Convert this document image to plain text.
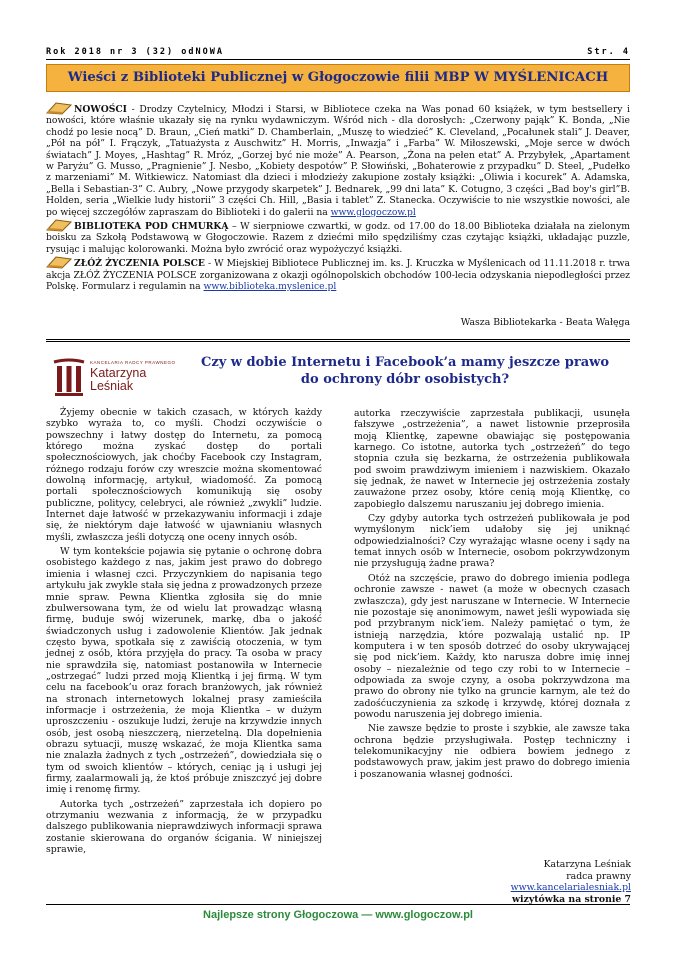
Rok 2018 nr 3 (32) odNOWA	Str. 4
Wieści z Biblioteki Publicznej w Głogoczowie filii MBP W MYŚLENICACH

NOWOŚCI - Drodzy Czytelnicy, Młodzi i Starsi, w Bibliotece czeka na Was ponad 60 książek, w tym bestsellery i nowości, które właśnie ukazały się na rynku wydawniczym. Wśród nich - dla dorosłych: „Czerwony pająk” K. Bonda, „Nie chodź po lesie nocą” D. Braun, „Cień matki” D. Chamberlain, „Muszę to wiedzieć” K. Cleveland, „Pocałunek stali” J. Deaver, „Pół na pół” I. Frączyk, „Tatuażysta z Auschwitz” H. Morris, „Inwazja” i „Farba” W. Miłoszewski, „Moje serce w dwóch światach” J. Moyes, „Hashtag” R. Mróz, „Gorzej być nie może” A. Pearson, „Żona na pełen etat” A. Przybyłek, „Apartament w Paryżu” G. Musso, „Pragnienie” J. Nesbo, „Kobiety despotów” P. Słowiński, „Bohaterowie z przypadku” D. Steel, „Pudełko z marzeniami” M. Witkiewicz. Natomiast dla dzieci i młodzieży zakupione zostały książki: „Oliwia i kocurek” A. Adamska, „Bella i Sebastian-3” C. Aubry, „Nowe przygody skarpetek” J. Bednarek, „99 dni lata” K. Cotugno, 3 części „Bad boy's girl”B. Holden, seria „Wielkie ludy historii” 3 części Ch. Hill, „Basia i tablet” Z. Stanecka. Oczywiście to nie wszystkie nowości, ale po więcej szczegółów zapraszam do Biblioteki i do galerii na www.glogoczow.pl

BIBLIOTEKA POD CHMURKĄ – W sierpniowe czwartki, w godz. od 17.00 do 18.00 Biblioteka działała na zielonym boisku za Szkołą Podstawową w Głogoczowie. Razem z dziećmi miło spędziliśmy czas czytając książki, układając puzzle, rysując i malując kolorowanki. Można było zwrócić oraz wypożyczyć książki.

ZŁÓŻ ŻYCZENIA POLSCE - W Miejskiej Bibliotece Publicznej im. ks. J. Kruczka w Myślenicach od 11.11.2018 r. trwa akcja ZŁÓŻ ŻYCZENIA POLSCE zorganizowana z okazji ogólnopolskich obchodów 100-lecia odzyskania niepodległości przez Polskę. Formularz i regulamin na www.biblioteka.myslenice.pl

Wasza Bibliotekarka - Beata Wałęga
KANCELARIA RADCY PRAWNEGO
Katarzyna
Leśniak
Czy w dobie Internetu i Facebook’a mamy jeszcze prawo
do ochrony dóbr osobistych?

Żyjemy obecnie w takich czasach, w których każdy szybko wyraża to, co myśli. Chodzi oczywiście o powszechny i łatwy dostęp do Internetu, za pomocą którego można zyskać dostęp do portali społecznościowych, jak choćby Facebook czy Instagram, różnego rodzaju forów czy wreszcie można skomentować dowolną informację, artykuł, wiadomość. Za pomocą portali społecznościowych komunikują się osoby publiczne, politycy, celebryci, ale również „zwykli” ludzie. Internet daje łatwość w przekazywaniu informacji i zdaje się, że niektórym daje łatwość w ujawnianiu własnych myśli, zwłaszcza jeśli dotyczą one oceny innych osób.

W tym kontekście pojawia się pytanie o ochronę dobra osobistego każdego z nas, jakim jest prawo do dobrego imienia i własnej czci. Przyczynkiem do napisania tego artykułu jak zwykle stała się jedna z prowadzonych przeze mnie spraw. Pewna Klientka zgłosiła się do mnie zbulwersowana tym, że od wielu lat prowadząc własną firmę, buduje swój wizerunek, markę, dba o jakość świadczonych usług i zadowolenie Klientów. Jak jednak często bywa, spotkała się z zawiścią otoczenia, w tym jednej z osób, która przyjęła do pracy. Ta osoba w pracy nie sprawdziła się, natomiast postanowiła w Internecie „ostrzegać” ludzi przed moją Klientką i jej firmą. W tym celu na facebook’u oraz forach branżowych, jak również na stronach internetowych lokalnej prasy zamieściła informacje i ostrzeżenia, że moja Klientka – w dużym uproszczeniu - oszukuje ludzi, żeruje na krzywdzie innych osób, jest osobą nieszczerą, nierzetelną. Dla dopełnienia obrazu sytuacji, muszę wskazać, że moja Klientka sama nie znalazła żadnych z tych „ostrzeżeń”, dowiedziała się o tym od swoich klientów – których, ceniąc ją i usługi jej firmy, zaalarmowali ją, że ktoś próbuje zniszczyć jej dobre imię i renomę firmy.

Autorka tych „ostrzeżeń” zaprzestała ich dopiero po otrzymaniu wezwania z informacją, że w przypadku dalszego publikowania nieprawdziwych informacji sprawa zostanie skierowana do organów ścigania. W niniejszej sprawie,

autorka rzeczywiście zaprzestała publikacji, usunęła fałszywe „ostrzeżenia”, a nawet listownie przeprosiła moją Klientkę, zapewne obawiając się postępowania karnego. Co istotne, autorka tych „ostrzeżeń” do tego stopnia czuła się bezkarna, że ostrzeżenia publikowała pod swoim prawdziwym imieniem i nazwiskiem. Okazało się jednak, że nawet w Internecie jej ostrzeżenia zostały zauważone przez osoby, które cenią moją Klientkę, co zapobiegło dalszemu naruszaniu jej dobrego imienia.

Czy gdyby autorka tych ostrzeżeń publikowała je pod wymyślonym nick’iem udałoby się jej uniknąć odpowiedzialności? Czy wyrażając własne oceny i sądy na temat innych osób w Internecie, osobom pokrzywdzonym nie przysługują żadne prawa?

Otóż na szczęście, prawo do dobrego imienia podlega ochronie zawsze - nawet (a może w obecnych czasach zwłaszcza), gdy jest naruszane w Internecie. W Internecie nie pozostaje się anonimowym, nawet jeśli wypowiada się pod przybranym nick’iem. Należy pamiętać o tym, że istnieją narzędzia, które pozwalają ustalić np. IP komputera i w ten sposób dotrzeć do osoby ukrywającej się pod nick’iem. Każdy, kto narusza dobre imię innej osoby – niezależnie od tego czy robi to w Internecie – odpowiada za swoje czyny, a osoba pokrzywdzona ma prawo do obrony nie tylko na gruncie karnym, ale też do zadośćuczynienia za szkodę i krzywdę, której doznała z powodu naruszenia jej dobrego imienia.

Nie zawsze będzie to proste i szybkie, ale zawsze taka ochrona będzie przysługiwała. Postęp techniczny i telekomunikacyjny nie odbiera bowiem jednego z podstawowych praw, jakim jest prawo do dobrego imienia i poszanowania własnej godności.

Katarzyna Leśniak
radca prawny
www.kancelarialesniak.pl
wizytówka na stronie 7
Najlepsze strony Głogoczowa — www.glogoczow.pl
